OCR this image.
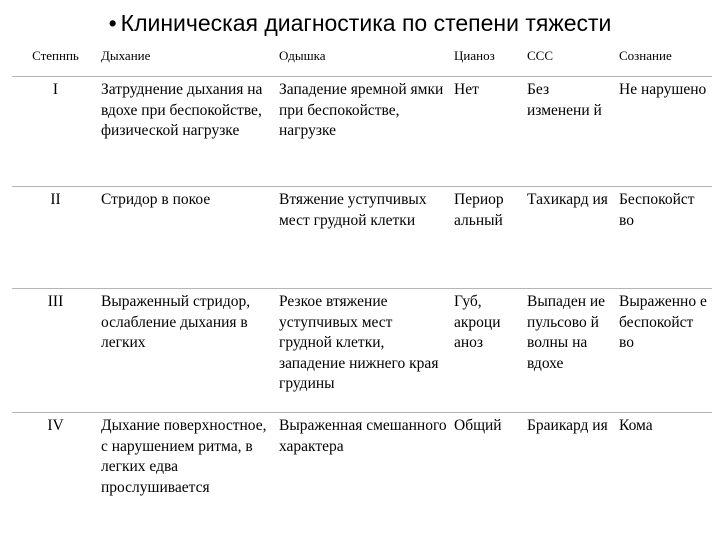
• Клиническая диагностика по степени тяжести
Степнпь	Дыхание	Одышка	Цианоз	ССС	Сознание
I	Затруднение дыхания на вдохе при беспокойстве, физической нагрузке	Западение яремной ямки при беспокойстве, нагрузке	Нет	Без изменени й	Не нарушено
II	Стридор в покое	Втяжение уступчивых мест грудной клетки	Периор альный	Тахикард ия	Беспокойст во
III	Выраженный стридор, ослабление дыхания в легких	Резкое втяжение уступчивых мест грудной клетки, западение нижнего края грудины	Губ, акроци аноз	Выпаден ие пульсово й волны на вдохе	Выраженно е беспокойст во
IV	Дыхание поверхностное, с нарушением ритма, в легких едва прослушивается	Выраженная смешанного характера	Общий	Браикард ия	Кома
